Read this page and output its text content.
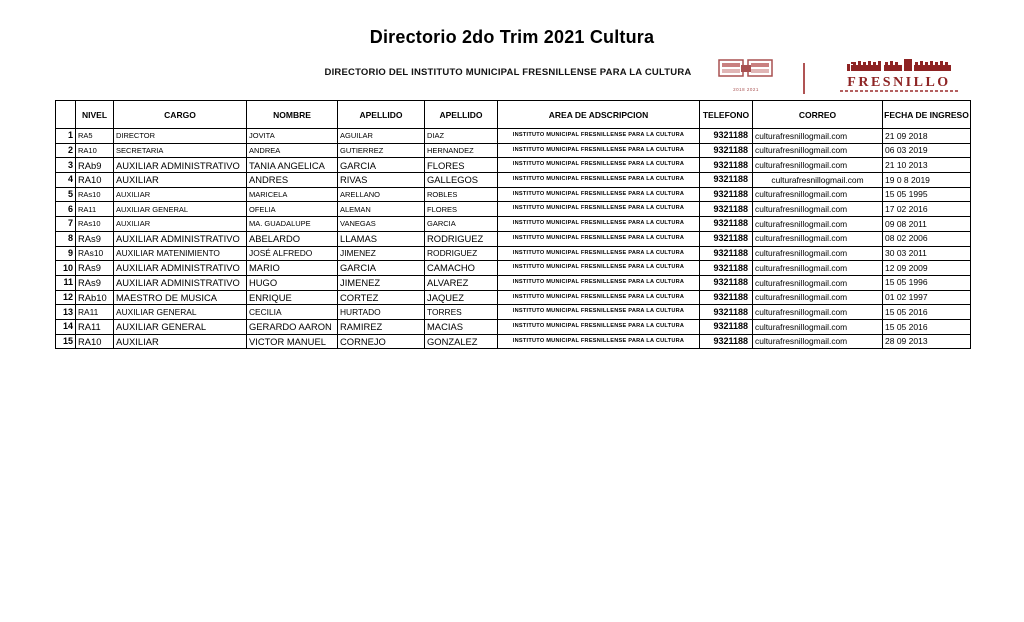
Directorio 2do Trim 2021 Cultura
DIRECTORIO DEL INSTITUTO MUNICIPAL FRESNILLENSE PARA LA CULTURA
2018 2021	FRESNILLO
	NIVEL	CARGO	NOMBRE	APELLIDO	APELLIDO	AREA DE ADSCRIPCION	TELEFONO	CORREO	FECHA DE INGRESO
1	RA5	DIRECTOR	JOVITA	AGUILAR	DIAZ	INSTITUTO MUNICIPAL FRESNILLENSE PARA LA CULTURA	9321188	culturafresnillogmail.com	21 09 2018
2	RA10	SECRETARIA	ANDREA	GUTIERREZ	HERNANDEZ	INSTITUTO MUNICIPAL FRESNILLENSE PARA LA CULTURA	9321188	culturafresnillogmail.com	06 03 2019
3	RAb9	AUXILIAR ADMINISTRATIVO	TANIA ANGELICA	GARCIA	FLORES	INSTITUTO MUNICIPAL FRESNILLENSE PARA LA CULTURA	9321188	culturafresnillogmail.com	21 10 2013
4	RA10	AUXILIAR	ANDRES	RIVAS	GALLEGOS	INSTITUTO MUNICIPAL FRESNILLENSE PARA LA CULTURA	9321188	culturafresnillogmail.com	19 0 8 2019
5	RAs10	AUXILIAR	MARICELA	ARELLANO	ROBLES	INSTITUTO MUNICIPAL FRESNILLENSE PARA LA CULTURA	9321188	culturafresnillogmail.com	15 05 1995
6	RA11	AUXILIAR GENERAL	OFELIA	ALEMAN	FLORES	INSTITUTO MUNICIPAL FRESNILLENSE PARA LA CULTURA	9321188	culturafresnillogmail.com	17 02 2016
7	RAs10	AUXILIAR	MA. GUADALUPE	VANEGAS	GARCIA	INSTITUTO MUNICIPAL FRESNILLENSE PARA LA CULTURA	9321188	culturafresnillogmail.com	09 08 2011
8	RAs9	AUXILIAR ADMINISTRATIVO	ABELARDO	LLAMAS	RODRIGUEZ	INSTITUTO MUNICIPAL FRESNILLENSE PARA LA CULTURA	9321188	culturafresnillogmail.com	08 02 2006
9	RAs10	AUXILIAR MATENIMIENTO	JOSÉ ALFREDO	JIMENEZ	RODRIGUEZ	INSTITUTO MUNICIPAL FRESNILLENSE PARA LA CULTURA	9321188	culturafresnillogmail.com	30 03 2011
10	RAs9	AUXILIAR ADMINISTRATIVO	MARIO	GARCIA	CAMACHO	INSTITUTO MUNICIPAL FRESNILLENSE PARA LA CULTURA	9321188	culturafresnillogmail.com	12 09 2009
11	RAs9	AUXILIAR ADMINISTRATIVO	HUGO	JIMENEZ	ALVAREZ	INSTITUTO MUNICIPAL FRESNILLENSE PARA LA CULTURA	9321188	culturafresnillogmail.com	15 05 1996
12	RAb10	MAESTRO DE MUSICA	ENRIQUE	CORTEZ	JAQUEZ	INSTITUTO MUNICIPAL FRESNILLENSE PARA LA CULTURA	9321188	culturafresnillogmail.com	01 02 1997
13	RA11	AUXILIAR GENERAL	CECILIA	HURTADO	TORRES	INSTITUTO MUNICIPAL FRESNILLENSE PARA LA CULTURA	9321188	culturafresnillogmail.com	15 05 2016
14	RA11	AUXILIAR GENERAL	GERARDO AARON	RAMIREZ	MACIAS	INSTITUTO MUNICIPAL FRESNILLENSE PARA LA CULTURA	9321188	culturafresnillogmail.com	15 05 2016
15	RA10	AUXILIAR	VICTOR MANUEL	CORNEJO	GONZALEZ	INSTITUTO MUNICIPAL FRESNILLENSE PARA LA CULTURA	9321188	culturafresnillogmail.com	28 09 2013
